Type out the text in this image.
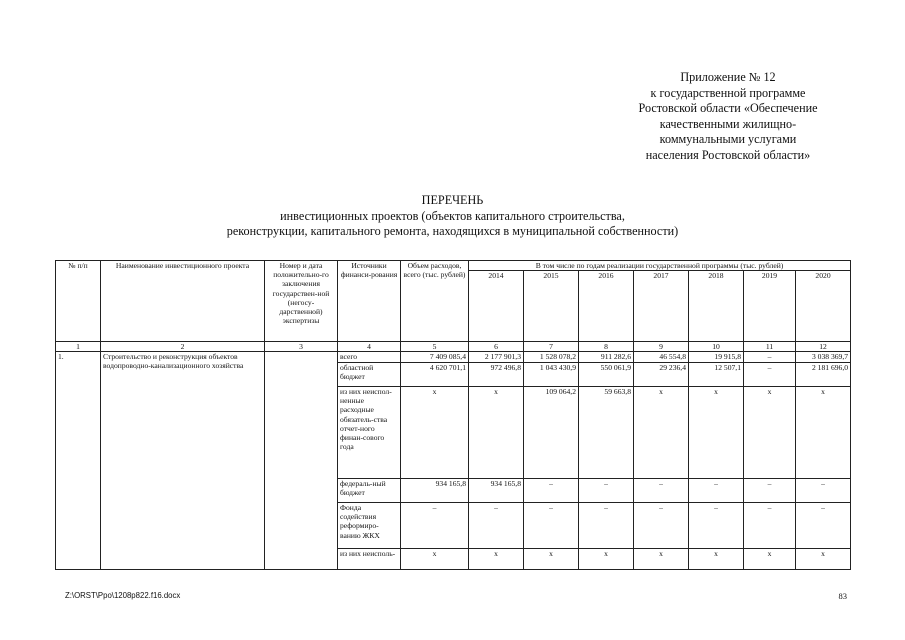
Приложение № 12
к государственной программе
Ростовской области «Обеспечение
качественными жилищно-
коммунальными услугами
населения Ростовской области»
ПЕРЕЧЕНЬ
инвестиционных проектов (объектов капитального строительства,
реконструкции, капитального ремонта, находящихся в муниципальной собственности)
№ п/п	Наименование инвестиционного проекта	Номер и дата положительно-го заключения государствен-ной (негосу-дарственной) экспертизы	Источники финанси-рования	Объем расходов, всего (тыс. рублей)	В том числе по годам реализации государственной программы (тыс. рублей)						
					2014	2015	2016	2017	2018	2019	2020
1	2	3	4	5	6	7	8	9	10	11	12
1.	Строительство и реконструкция объектов водопроводно-канализационного хозяйства		всего	7 409 085,4	2 177 901,3	1 528 078,2	911 282,6	46 554,8	19 915,8	–	3 038 369,7
			областной бюджет	4 620 701,1	972 496,8	1 043 430,9	550 061,9	29 236,4	12 507,1	–	2 181 696,0
			из них неиспол-ненные расходные обязатель-ства отчет-ного финан-сового года	х	х	109 064,2	59 663,8	х	х	х	х
			федераль-ный бюджет	934 165,8	934 165,8	–	–	–	–	–	–
			Фонда содействия реформиро-ванию ЖКХ	–	–	–	–	–	–	–	–
			из них неисполь-	х	х	х	х	х	х	х	х
Z:\ORST\Ppo\1208p822.f16.docx	83
